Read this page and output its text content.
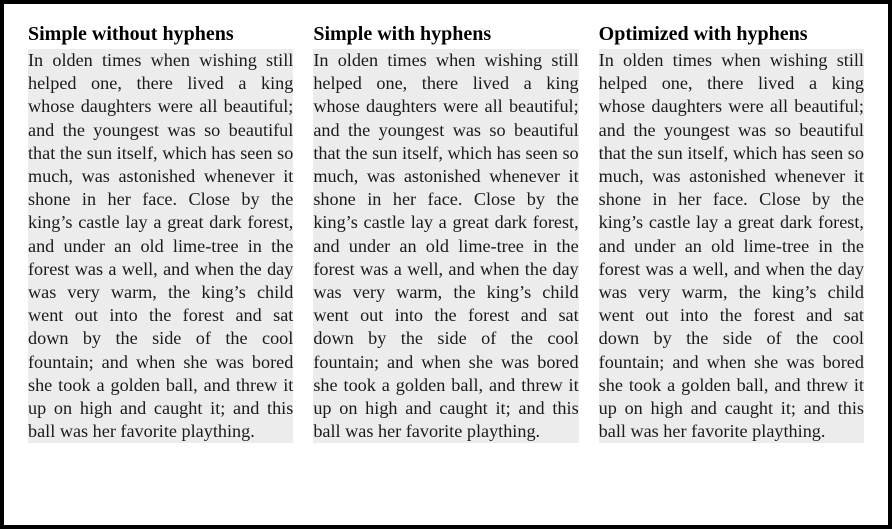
Simple without hyphens

In olden times when wishing still helped one, there lived a king whose daughters were all beautiful; and the youngest was so beautiful that the sun itself, which has seen so much, was astonished whenever it shone in her face. Close by the king’s castle lay a great dark forest, and under an old lime-tree in the forest was a well, and when the day was very warm, the king’s child went out into the forest and sat down by the side of the cool fountain; and when she was bored she took a golden ball, and threw it up on high and caught it; and this ball was her favorite plaything.

Simple with hyphens

In olden times when wishing still helped one, there lived a king whose daughters were all beautiful; and the youngest was so beautiful that the sun itself, which has seen so much, was astonished whenever it shone in her face. Close by the king’s castle lay a great dark forest, and under an old lime-tree in the forest was a well, and when the day was very warm, the king’s child went out into the forest and sat down by the side of the cool fountain; and when she was bored she took a golden ball, and threw it up on high and caught it; and this ball was her favorite plaything.

Optimized with hyphens

In olden times when wishing still helped one, there lived a king whose daughters were all beautiful; and the youngest was so beautiful that the sun itself, which has seen so much, was astonished whenever it shone in her face. Close by the king’s castle lay a great dark forest, and under an old lime-tree in the forest was a well, and when the day was very warm, the king’s child went out into the forest and sat down by the side of the cool fountain; and when she was bored she took a golden ball, and threw it up on high and caught it; and this ball was her favorite plaything.
